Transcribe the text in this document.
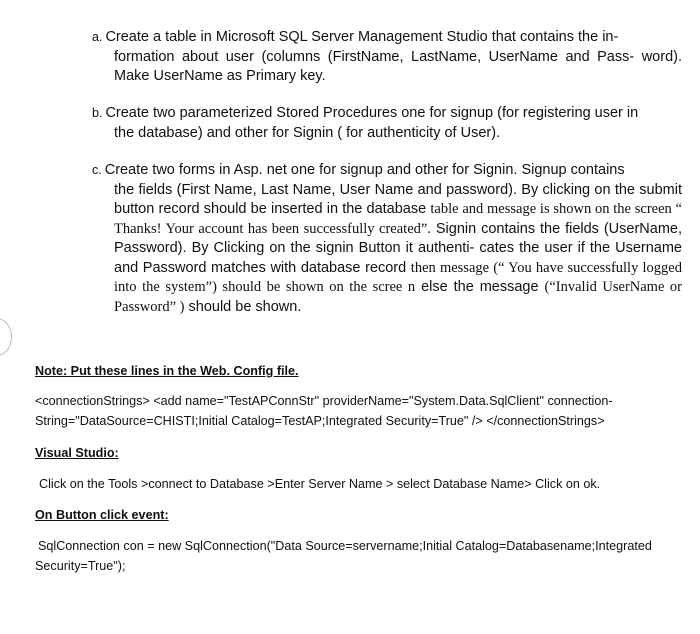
a. Create a table in Microsoft SQL Server Management Studio that contains the in-
formation about user (columns (FirstName, LastName, UserName and Pass- word). Make UserName as Primary key.
b. Create two parameterized Stored Procedures one for signup (for registering user in
the database) and other for Signin ( for authenticity of User).
c. Create two forms in Asp. net one for signup and other for Signin. Signup contains
the fields (First Name, Last Name, User Name and password). By clicking on the submit button record should be inserted in the database table and message is shown on the screen “ Thanks! Your account has been successfully created”. Signin contains the fields (UserName, Password). By Clicking on the signin Button it authenti- cates the user if the Username and Password matches with database record then message (“ You have successfully logged into the system”) should be shown on the scree n else the message (“Invalid UserName or Password” ) should be shown.
Note: Put these lines in the Web. Config file.
<connectionStrings> <add name="TestAPConnStr" providerName="System.Data.SqlClient" connection-
String="DataSource=CHISTI;Initial Catalog=TestAP;Integrated Security=True" /> </connectionStrings>
Visual Studio:
Click on the Tools >connect to Database >Enter Server Name > select Database Name> Click on ok.
On Button click event:
SqlConnection con = new SqlConnection("Data Source=servername;Initial Catalog=Databasename;Integrated
Security=True");
